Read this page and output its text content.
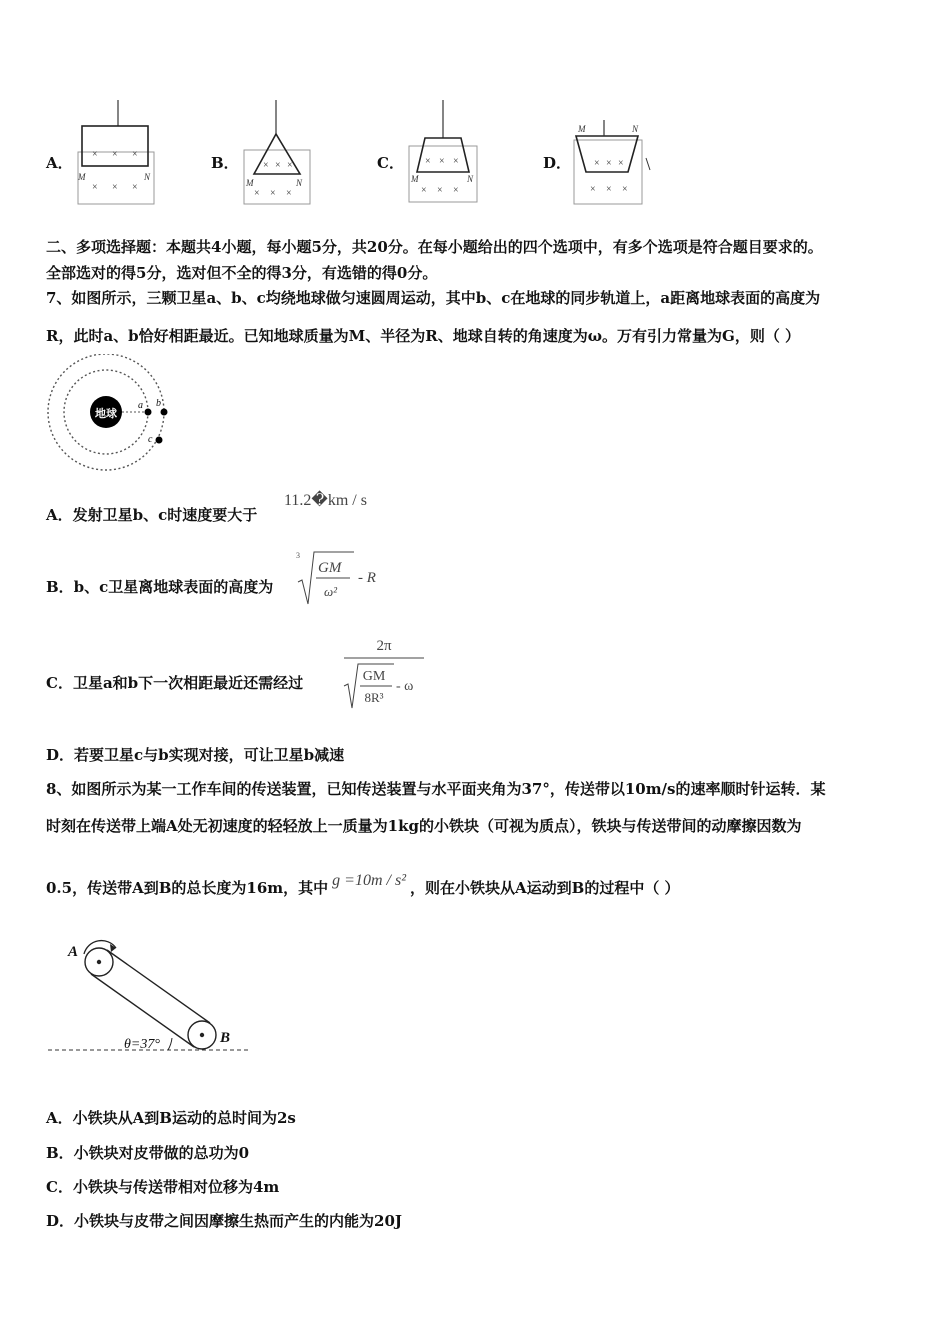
A． × × ×
M	N
× × ×
B． × × ×
M	N
× × ×
C． × × ×
M	N
× × ×
D．
M	N
× × ×
× × ×
二、多项选择题：本题共4小题，每小题5分，共20分。在每小题给出的四个选项中，有多个选项是符合题目要求的。
全部选对的得5分，选对但不全的得3分，有选错的得0分。
7、如图所示，三颗卫星a、b、c均绕地球做匀速圆周运动，其中b、c在地球的同步轨道上，a距离地球表面的高度为
R，此时a、b恰好相距最近。已知地球质量为M、半径为R、地球自转的角速度为ω。万有引力常量为G，则（ ）
地球
a b
c
A．发射卫星b、c时速度要大于
11.2�km / s
B．b、c卫星离地球表面的高度为
3
GM
ω²
- R
C．卫星a和b下一次相距最近还需经过
2π
GM
8R³
- ω
D．若要卫星c与b实现对接，可让卫星b减速
8、如图所示为某一工作车间的传送装置，已知传送装置与水平面夹角为37°，传送带以10m/s的速率顺时针运转．某
时刻在传送带上端A处无初速度的轻轻放上一质量为1kg的小铁块（可视为质点），铁块与传送带间的动摩擦因数为
0.5，传送带A到B的总长度为16m，其中 g =10m / s² ，则在小铁块从A运动到B的过程中（ ）
A
B
θ=37°
A．小铁块从A到B运动的总时间为2s
B．小铁块对皮带做的总功为0
C．小铁块与传送带相对位移为4m
D．小铁块与皮带之间因摩擦生热而产生的内能为20J
